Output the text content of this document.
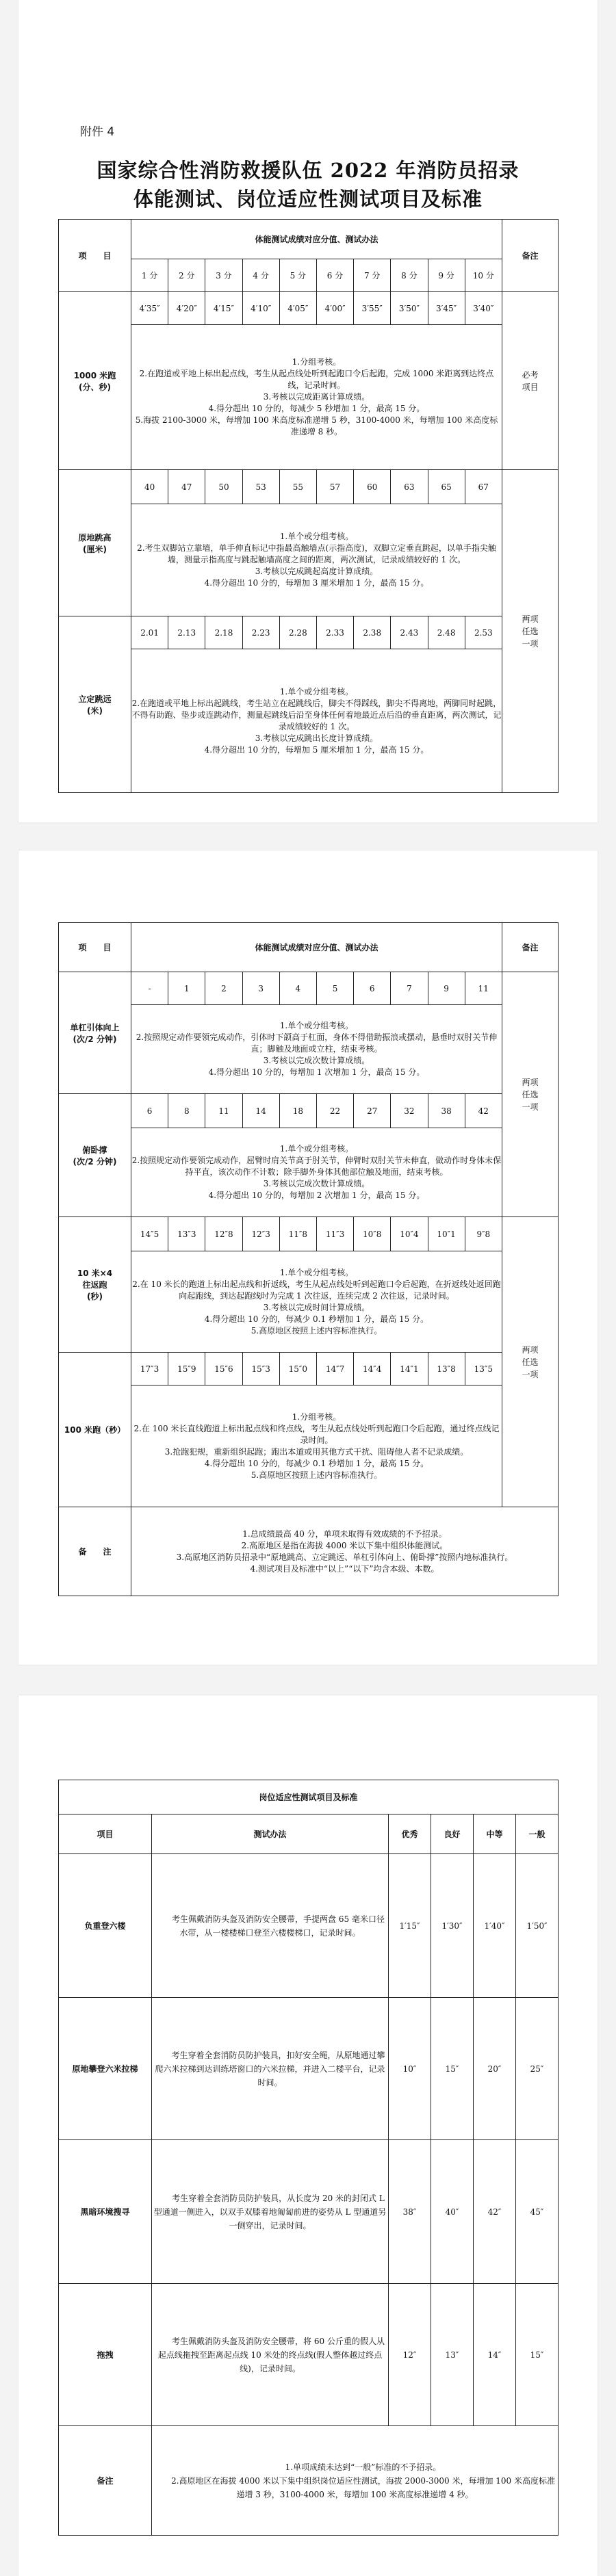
附件 4
国家综合性消防救援队伍 2022 年消防员招录
体能测试、岗位适应性测试项目及标准
项　　目	体能测试成绩对应分值、测试办法										备注
	1 分	2 分	3 分	4 分	5 分	6 分	7 分	8 分	9 分	10 分	
1000 米跑
(分、秒)	4′35″	4′20″	4′15″	4′10″	4′05″	4′00″	3′55″	3′50″	3′45″	3′40″	必考
项目

	1.分组考核。
2.在跑道或平地上标出起点线，考生从起点线处听到起跑口令后起跑，完成 1000 米距离到达终点线，记录时间。
3.考核以完成距离计算成绩。
4.得分超出 10 分的，每减少 5 秒增加 1 分，最高 15 分。
5.海拔 2100-3000 米，每增加 100 米高度标准递增 5 秒，3100-4000 米，每增加 100 米高度标准递增 8 秒。										

原地跳高
(厘米)	40	47	50	53	55	57	60	63	65	67	两项
任选
一项

	1.单个或分组考核。
2.考生双脚站立靠墙，单手伸直标记中指最高触墙点(示指高度)，双脚立定垂直跳起，以单手指尖触墙，测量示指高度与跳起触墙高度之间的距离，两次测试，记录成绩较好的 1 次。
3.考核以完成跳起高度计算成绩。
4.得分超出 10 分的，每增加 3 厘米增加 1 分，最高 15 分。										

立定跳远
(米)	2.01	2.13	2.18	2.23	2.28	2.33	2.38	2.43	2.48	2.53	

	1.单个或分组考核。
2.在跑道或平地上标出起跳线，考生站立在起跳线后，脚尖不得踩线，脚尖不得离地，两脚同时起跳，不得有助跑、垫步或连跳动作，测量起跳线后沿至身体任何着地最近点后沿的垂直距离，两次测试，记录成绩较好的 1 次。
3.考核以完成跳出长度计算成绩。
4.得分超出 10 分的，每增加 5 厘米增加 1 分，最高 15 分。										
项　　目	体能测试成绩对应分值、测试办法										备注
单杠引体向上
(次/2 分钟)	-	1	2	3	4	5	6	7	9	11	两项
任选
一项

	1.单个或分组考核。
2.按照规定动作要领完成动作，引体时下颌高于杠面，身体不得借助振浪或摆动，悬垂时双肘关节伸直；脚触及地面或立柱，结束考核。
3.考核以完成次数计算成绩。
4.得分超出 10 分的，每增加 1 次增加 1 分，最高 15 分。										

俯卧撑
(次/2 分钟)	6	8	11	14	18	22	27	32	38	42	

	1.单个或分组考核。
2.按照规定动作要领完成动作，屈臂时肩关节高于肘关节，伸臂时双肘关节未伸直，做动作时身体未保持平直，该次动作不计数；除手脚外身体其他部位触及地面，结束考核。
3.考核以完成次数计算成绩。
4.得分超出 10 分的，每增加 2 次增加 1 分，最高 15 分。										

10 米×4
往返跑
(秒)	14″5	13″3	12″8	12″3	11″8	11″3	10″8	10″4	10″1	9″8	两项
任选
一项

	1.单个或分组考核。
2.在 10 米长的跑道上标出起点线和折返线，考生从起点线处听到起跑口令后起跑，在折返线处返回跑向起跑线，到达起跑线时为完成 1 次往返，连续完成 2 次往返，记录时间。
3.考核以完成时间计算成绩。
4.得分超出 10 分的，每减少 0.1 秒增加 1 分，最高 15 分。
5.高原地区按照上述内容标准执行。										

100 米跑（秒）	17″3	15″9	15″6	15″3	15″0	14″7	14″4	14″1	13″8	13″5	

	1.分组考核。
2.在 100 米长直线跑道上标出起点线和终点线，考生从起点线处听到起跑口令后起跑，通过终点线记录时间。
3.抢跑犯规，重新组织起跑；跑出本道或用其他方式干扰、阻碍他人者不记录成绩。
4.得分超出 10 分的，每减少 0.1 秒增加 1 分，最高 15 分。
5.高原地区按照上述内容标准执行。										

备　　注	1.总成绩最高 40 分，单项未取得有效成绩的不予招录。
2.高原地区是指在海拔 4000 米以下集中组织体能测试。
3.高原地区消防员招录中“原地跳高、立定跳远、单杠引体向上、俯卧撑”按照内地标准执行。
4.测试项目及标准中“以上”“以下”均含本级、本数。										
岗位适应性测试项目及标准					
项目	测试办法	优秀	良好	中等	一般
负重登六楼	考生佩戴消防头盔及消防安全腰带，手提两盘 65 毫米口径水带，从一楼楼梯口登至六楼楼梯口，记录时间。	1′15″	1′30″	1′40″	1′50″
原地攀登六米拉梯	考生穿着全套消防员防护装具，扣好安全绳，从原地通过攀爬六米拉梯到达训练塔窗口的六米拉梯，并进入二楼平台，记录时间。	10″	15″	20″	25″
黑暗环境搜寻	考生穿着全套消防员防护装具，从长度为 20 米的封闭式 L 型通道一侧进入，以双手双膝着地匍匐前进的姿势从 L 型通道另一侧穿出，记录时间。	38″	40″	42″	45″
拖拽	考生佩戴消防头盔及消防安全腰带，将 60 公斤重的假人从起点线拖拽至距离起点线 10 米处的终点线(假人整体越过终点线)，记录时间。	12″	13″	14″	15″
备注	1.单项成绩未达到“一般”标准的不予招录。
2.高原地区在海拔 4000 米以下集中组织岗位适应性测试，海拔 2000-3000 米，每增加 100 米高度标准递增 3 秒，3100-4000 米，每增加 100 米高度标准递增 4 秒。				
